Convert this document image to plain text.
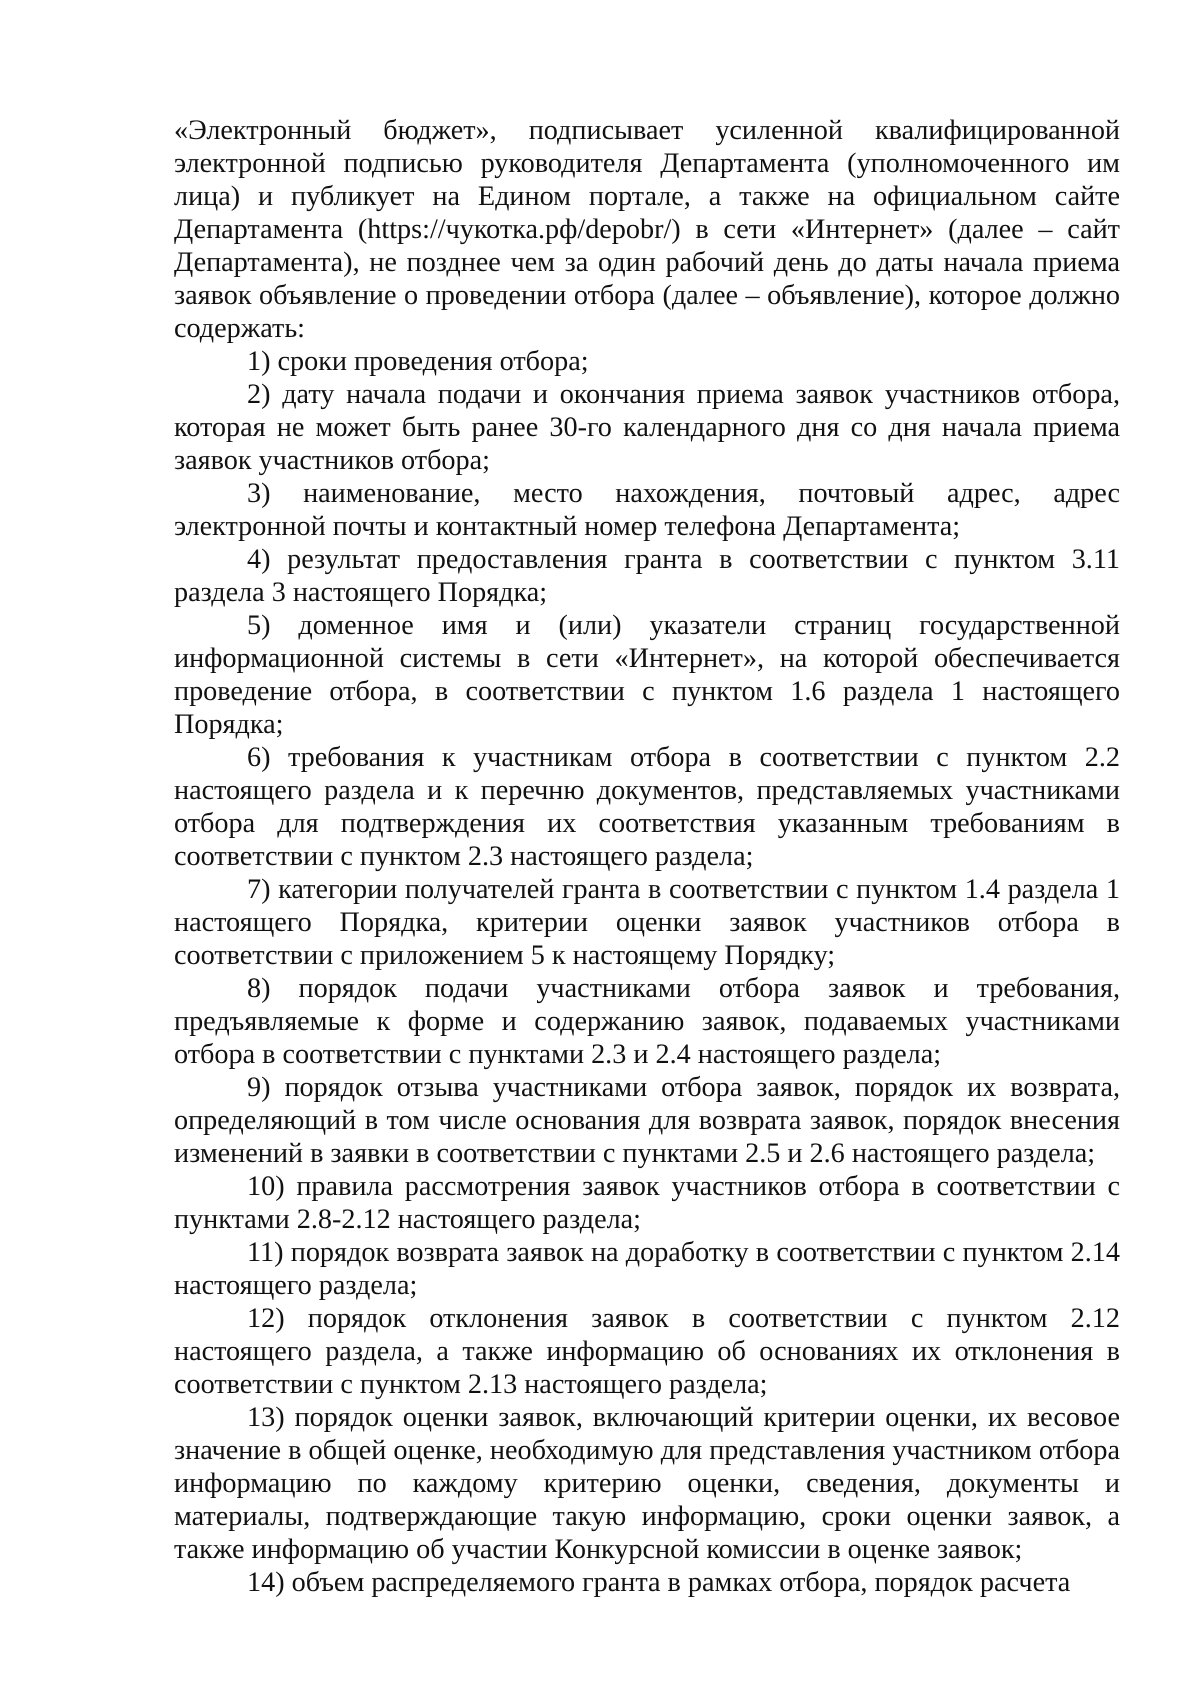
«Электронный бюджет», подписывает усиленной квалифицированной электронной подписью руководителя Департамента (уполномоченного им лица) и публикует на Едином портале, а также на официальном сайте Департамента (https://чукотка.рф/depobr/) в сети «Интернет» (далее – сайт Департамента), не позднее чем за один рабочий день до даты начала приема заявок объявление о проведении отбора (далее – объявление), которое должно содержать:

1) сроки проведения отбора;

2) дату начала подачи и окончания приема заявок участников отбора, которая не может быть ранее 30-го календарного дня со дня начала приема заявок участников отбора;

3) наименование, место нахождения, почтовый адрес, адрес электронной почты и контактный номер телефона Департамента;

4) результат предоставления гранта в соответствии с пунктом 3.11 раздела 3 настоящего Порядка;

5) доменное имя и (или) указатели страниц государственной информационной системы в сети «Интернет», на которой обеспечивается проведение отбора, в соответствии с пунктом 1.6 раздела 1 настоящего Порядка;

6) требования к участникам отбора в соответствии с пунктом 2.2 настоящего раздела и к перечню документов, представляемых участниками отбора для подтверждения их соответствия указанным требованиям в соответствии с пунктом 2.3 настоящего раздела;

7) категории получателей гранта в соответствии с пунктом 1.4 раздела 1 настоящего Порядка, критерии оценки заявок участников отбора в соответствии с приложением 5 к настоящему Порядку;

8) порядок подачи участниками отбора заявок и требования, предъявляемые к форме и содержанию заявок, подаваемых участниками отбора в соответствии с пунктами 2.3 и 2.4 настоящего раздела;

9) порядок отзыва участниками отбора заявок, порядок их возврата, определяющий в том числе основания для возврата заявок, порядок внесения изменений в заявки в соответствии с пунктами 2.5 и 2.6 настоящего раздела;

10) правила рассмотрения заявок участников отбора в соответствии с пунктами 2.8-2.12 настоящего раздела;

11) порядок возврата заявок на доработку в соответствии с пунктом 2.14 настоящего раздела;

12) порядок отклонения заявок в соответствии с пунктом 2.12 настоящего раздела, а также информацию об основаниях их отклонения в соответствии с пунктом 2.13 настоящего раздела;

13) порядок оценки заявок, включающий критерии оценки, их весовое значение в общей оценке, необходимую для представления участником отбора информацию по каждому критерию оценки, сведения, документы и материалы, подтверждающие такую информацию, сроки оценки заявок, а также информацию об участии Конкурсной комиссии в оценке заявок;

14) объем распределяемого гранта в рамках отбора, порядок расчета
